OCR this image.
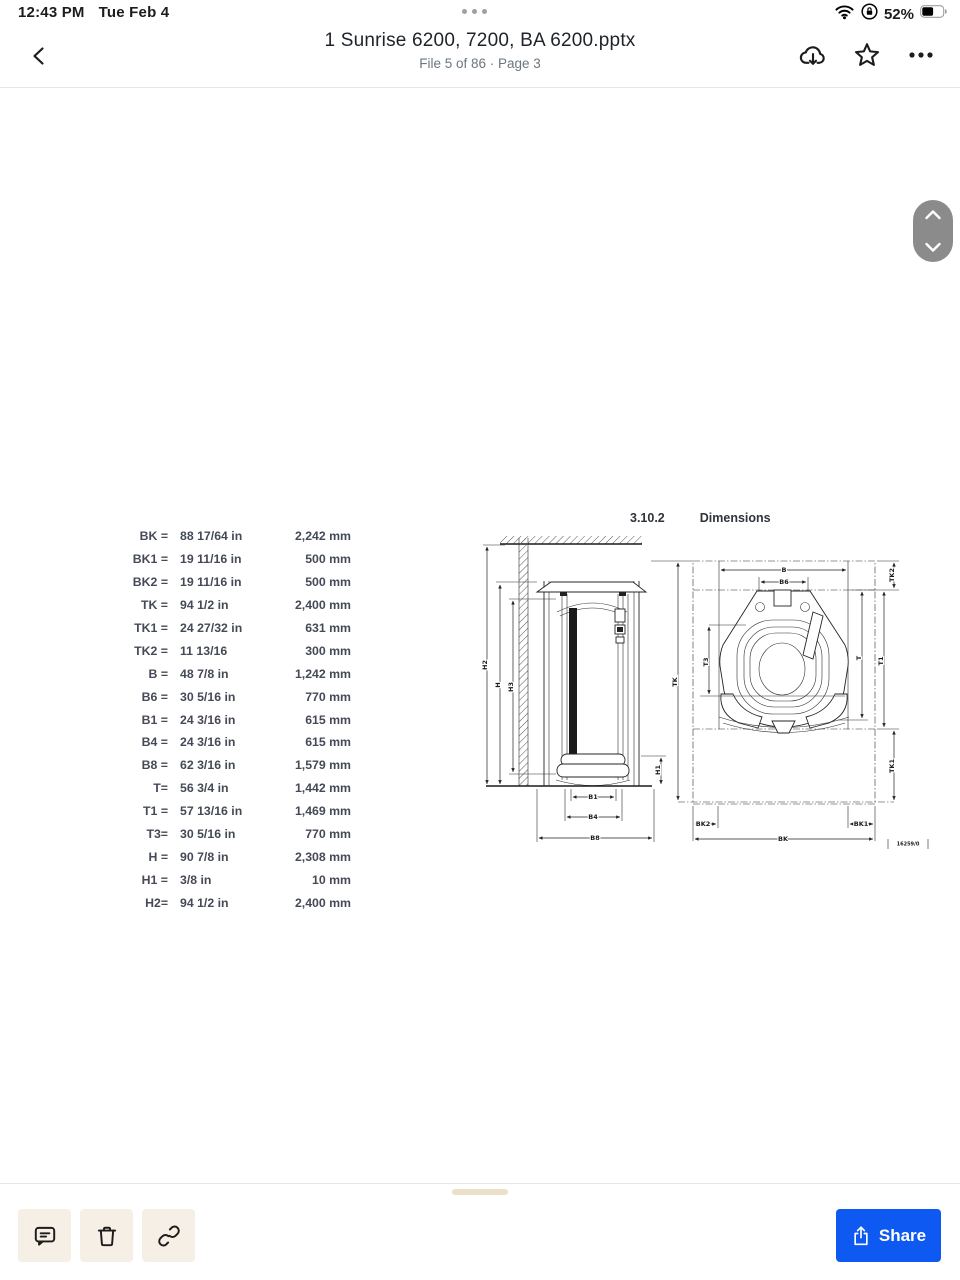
12:43 PM Tue Feb 4	52%
1 Sunrise 6200, 7200, BA 6200.pptx
File 5 of 86 · Page 3
BK = 88 17/64 in	2,242 mm
BK1 = 19 11/16 in	500 mm
BK2 = 19 11/16 in	500 mm
TK = 94 1/2 in	2,400 mm
TK1 = 24 27/32 in	631 mm
TK2 = 11 13/16	300 mm
B = 48 7/8 in	1,242 mm
B6 = 30 5/16 in	770 mm
B1 = 24 3/16 in	615 mm
B4 = 24 3/16 in	615 mm
B8 = 62 3/16 in	1,579 mm
T= 56 3/4 in	1,442 mm
T1 = 57 13/16 in	1,469 mm
T3= 30 5/16 in	770 mm
H = 90 7/8 in	2,308 mm
H1 = 3/8 in	10 mm
H2= 94 1/2 in	2,400 mm
3.10.2	Dimensions
H2
H H3
TK
H1
B1
B4
B8
B
B6	TK2
T T1
T3
TK1
BK2	BK1
BK
16259/0
Share
